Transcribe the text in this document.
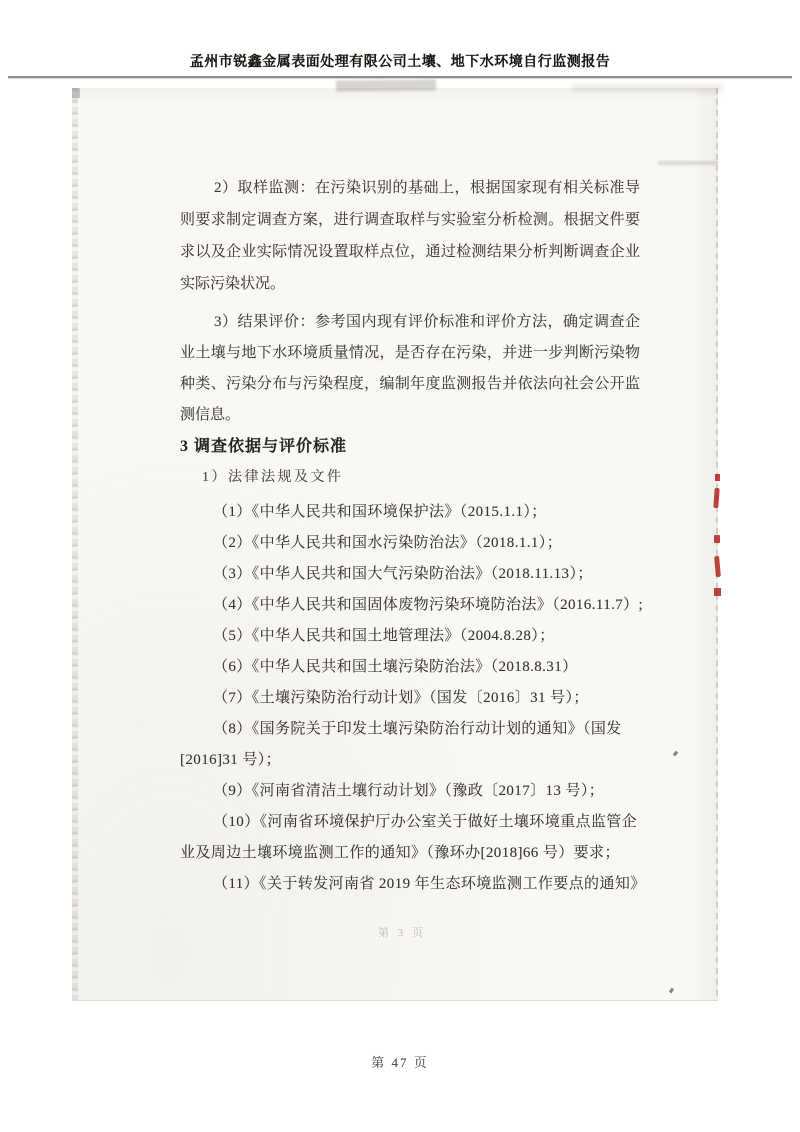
孟州市锐鑫金属表面处理有限公司土壤、地下水环境自行监测报告
2）取样监测：在污染识别的基础上，根据国家现有相关标准导
则要求制定调查方案，进行调查取样与实验室分析检测。根据文件要
求以及企业实际情况设置取样点位，通过检测结果分析判断调查企业
实际污染状况。
3）结果评价：参考国内现有评价标准和评价方法，确定调查企
业土壤与地下水环境质量情况，是否存在污染，并进一步判断污染物
种类、污染分布与污染程度，编制年度监测报告并依法向社会公开监
测信息。
3 调查依据与评价标准
1）法律法规及文件
（1）《中华人民共和国环境保护法》（2015.1.1）；
（2）《中华人民共和国水污染防治法》（2018.1.1）；
（3）《中华人民共和国大气污染防治法》（2018.11.13）；
（4）《中华人民共和国固体废物污染环境防治法》（2016.11.7）;
（5）《中华人民共和国土地管理法》（2004.8.28）；
（6）《中华人民共和国土壤污染防治法》（2018.8.31）
（7）《土壤污染防治行动计划》（国发〔2016〕31 号）；
（8）《国务院关于印发土壤污染防治行动计划的通知》（国发
[2016]31 号）；
（9）《河南省清洁土壤行动计划》（豫政〔2017〕13 号）；
（10）《河南省环境保护厅办公室关于做好土壤环境重点监管企
业及周边土壤环境监测工作的通知》（豫环办[2018]66 号）要求；
（11）《关于转发河南省 2019 年生态环境监测工作要点的通知》
第 3 页
第 47 页
